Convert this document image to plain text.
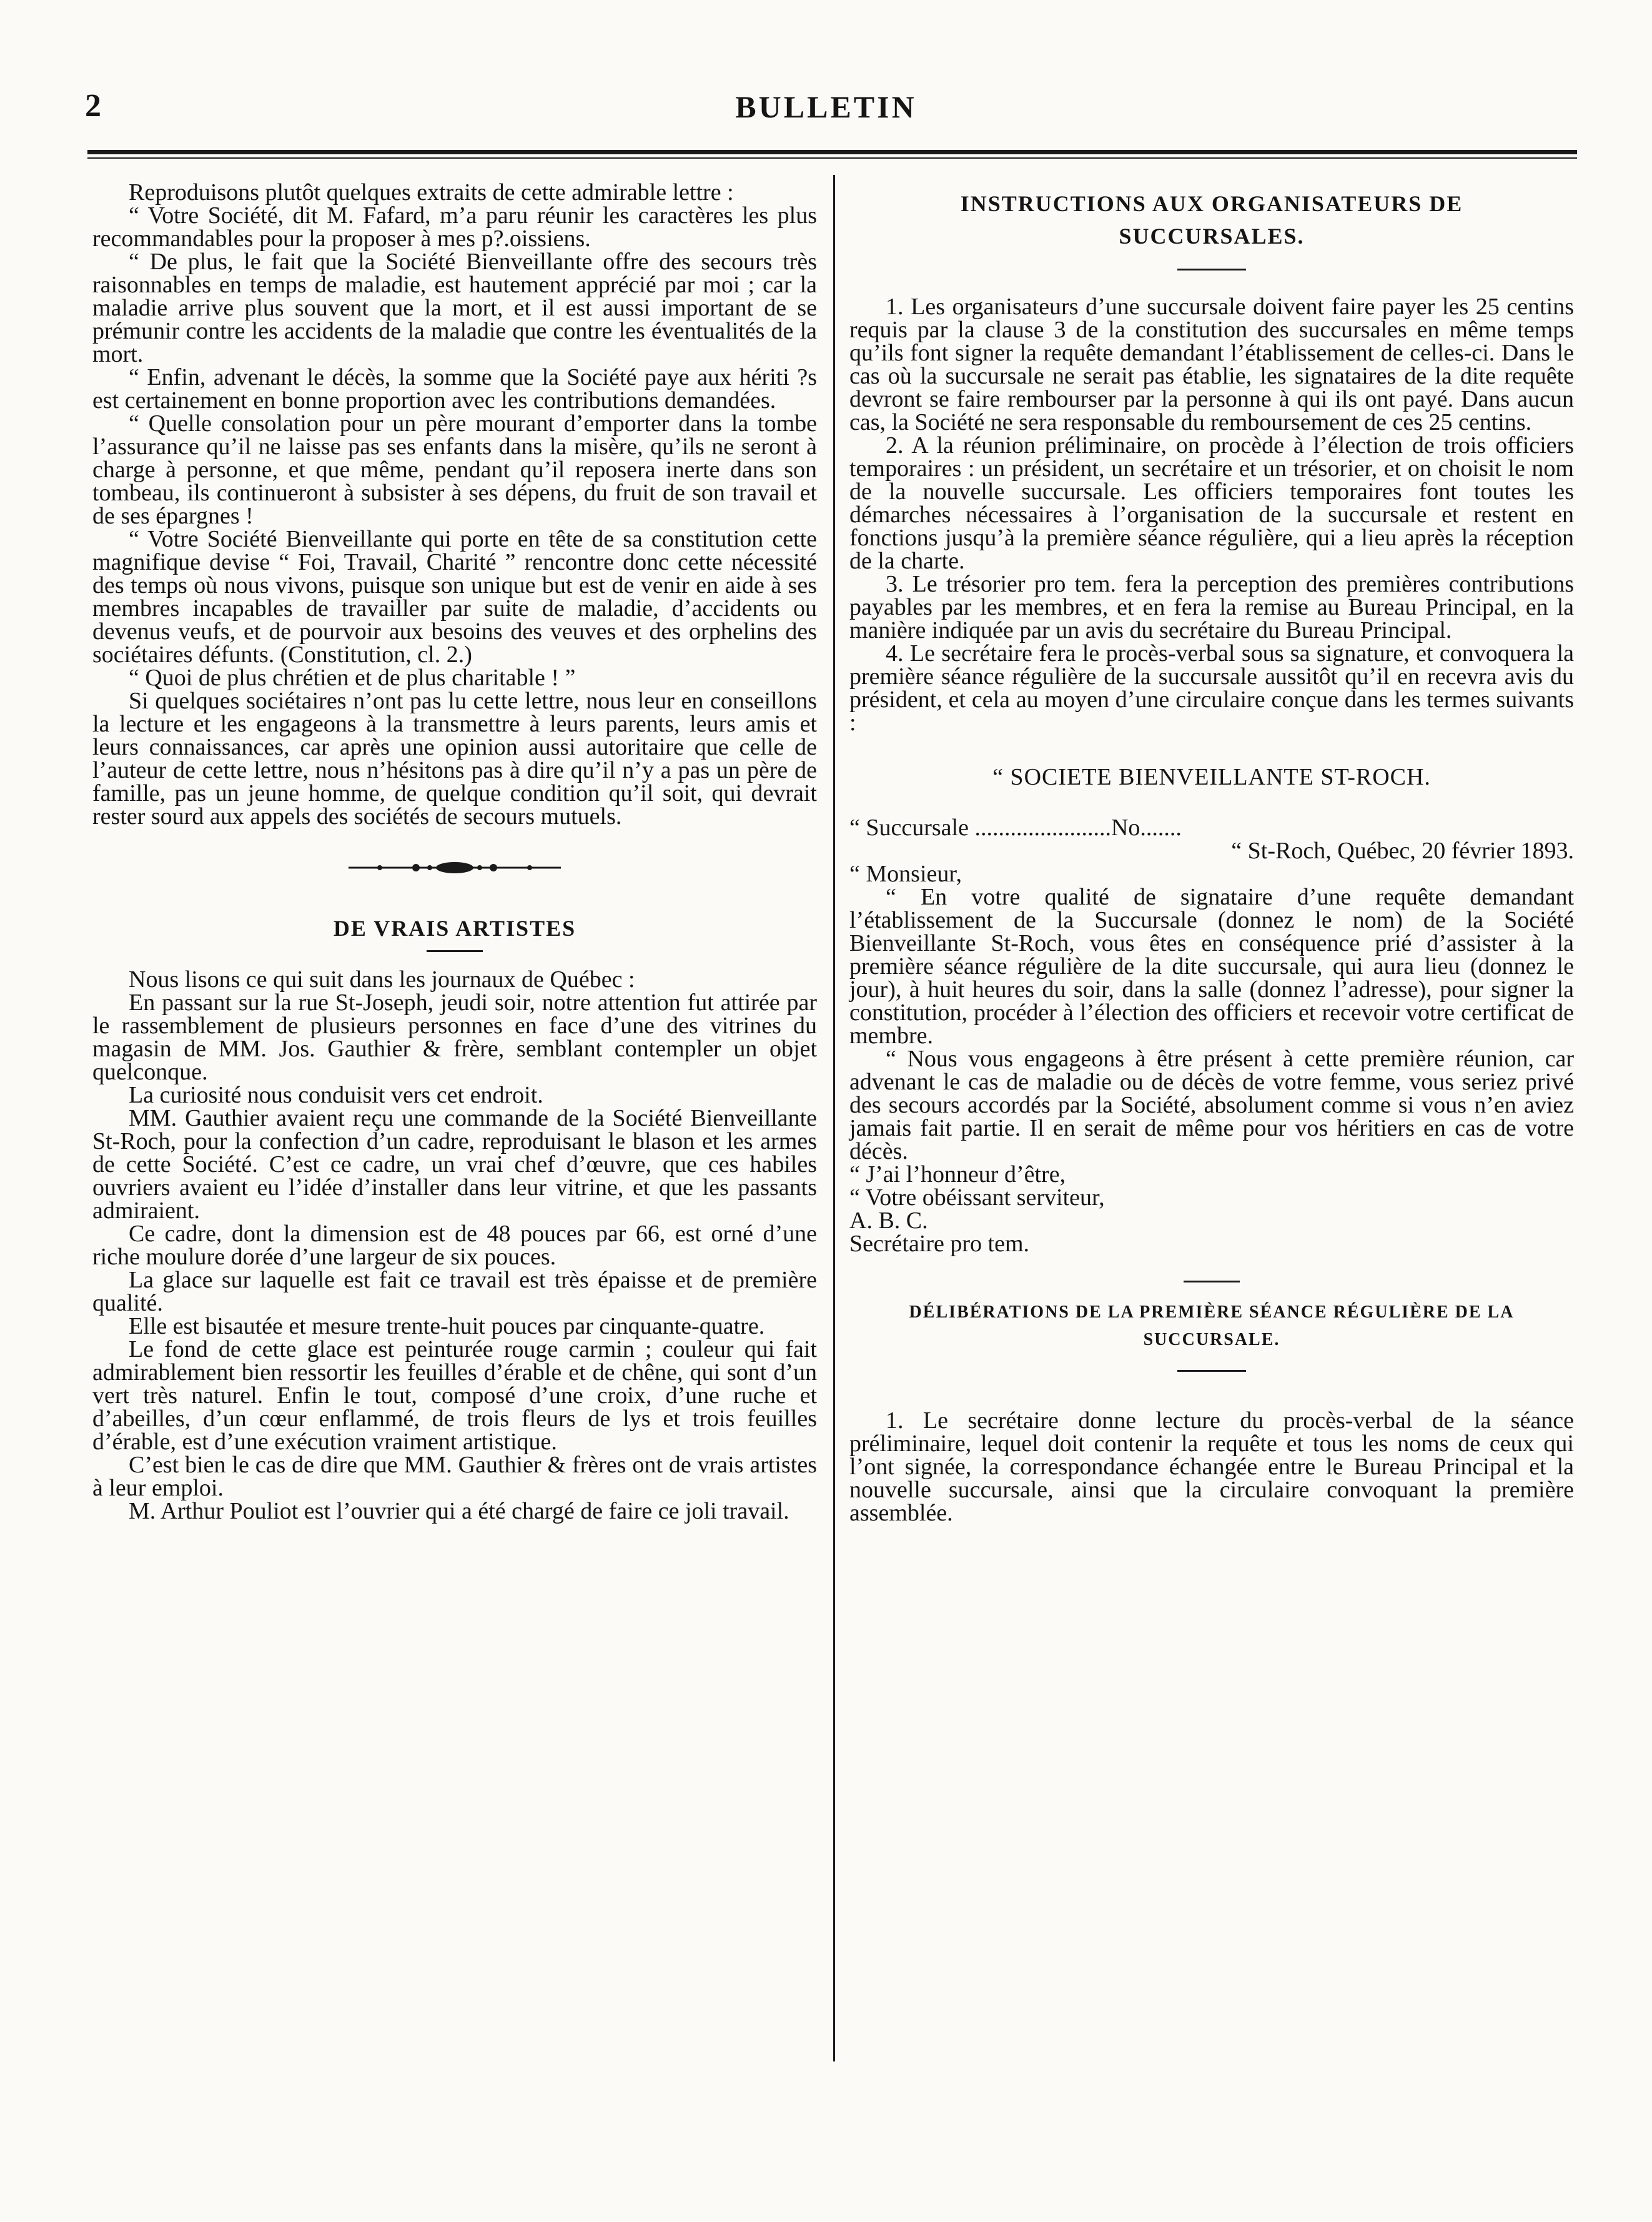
2	BULLETIN

Reproduisons plutôt quelques extraits de cette admirable lettre :

“ Votre Société, dit M. Fafard, m’a paru réunir les caractères les plus recommandables pour la proposer à mes p?.oissiens.

“ De plus, le fait que la Société Bienveillante offre des secours très raisonnables en temps de maladie, est hautement apprécié par moi ; car la maladie arrive plus souvent que la mort, et il est aussi important de se prémunir contre les accidents de la maladie que contre les éventualités de la mort.

“ Enfin, advenant le décès, la somme que la Société paye aux hériti ?s est certainement en bonne proportion avec les contributions demandées.

“ Quelle consolation pour un père mourant d’emporter dans la tombe l’assurance qu’il ne laisse pas ses enfants dans la misère, qu’ils ne seront à charge à personne, et que même, pendant qu’il reposera inerte dans son tombeau, ils continueront à subsister à ses dépens, du fruit de son travail et de ses épargnes !

“ Votre Société Bienveillante qui porte en tête de sa constitution cette magnifique devise “ Foi, Travail, Charité ” rencontre donc cette nécessité des temps où nous vivons, puisque son unique but est de venir en aide à ses membres incapables de travailler par suite de maladie, d’accidents ou devenus veufs, et de pourvoir aux besoins des veuves et des orphelins des sociétaires défunts. (Constitution, cl. 2.)

“ Quoi de plus chrétien et de plus charitable ! ”

Si quelques sociétaires n’ont pas lu cette lettre, nous leur en conseillons la lecture et les engageons à la transmettre à leurs parents, leurs amis et leurs connaissances, car après une opinion aussi autoritaire que celle de l’auteur de cette lettre, nous n’hésitons pas à dire qu’il n’y a pas un père de famille, pas un jeune homme, de quelque condition qu’il soit, qui devrait rester sourd aux appels des sociétés de secours mutuels.

DE VRAIS ARTISTES

Nous lisons ce qui suit dans les journaux de Québec :

En passant sur la rue St-Joseph, jeudi soir, notre attention fut attirée par le rassemblement de plusieurs personnes en face d’une des vitrines du magasin de MM. Jos. Gauthier & frère, semblant contempler un objet quelconque.

La curiosité nous conduisit vers cet endroit.

MM. Gauthier avaient reçu une commande de la Société Bienveillante St-Roch, pour la confection d’un cadre, reproduisant le blason et les armes de cette Société. C’est ce cadre, un vrai chef d’œuvre, que ces habiles ouvriers avaient eu l’idée d’installer dans leur vitrine, et que les passants admiraient.

Ce cadre, dont la dimension est de 48 pouces par 66, est orné d’une riche moulure dorée d’une largeur de six pouces.

La glace sur laquelle est fait ce travail est très épaisse et de première qualité.

Elle est bisautée et mesure trente-huit pouces par cinquante-quatre.

Le fond de cette glace est peinturée rouge carmin ; couleur qui fait admirablement bien ressortir les feuilles d’érable et de chêne, qui sont d’un vert très naturel. Enfin le tout, composé d’une croix, d’une ruche et d’abeilles, d’un cœur enflammé, de trois fleurs de lys et trois feuilles d’érable, est d’une exécution vraiment artistique.

C’est bien le cas de dire que MM. Gauthier & frères ont de vrais artistes à leur emploi.

M. Arthur Pouliot est l’ouvrier qui a été chargé de faire ce joli travail.

INSTRUCTIONS AUX ORGANISATEURS DE SUCCURSALES.

1. Les organisateurs d’une succursale doivent faire payer les 25 centins requis par la clause 3 de la constitution des succursales en même temps qu’ils font signer la requête demandant l’établissement de celles-ci. Dans le cas où la succursale ne serait pas établie, les signataires de la dite requête devront se faire rembourser par la personne à qui ils ont payé. Dans aucun cas, la Société ne sera responsable du remboursement de ces 25 centins.

2. A la réunion préliminaire, on procède à l’élection de trois officiers temporaires : un président, un secrétaire et un trésorier, et on choisit le nom de la nouvelle succursale. Les officiers temporaires font toutes les démarches nécessaires à l’organisation de la succursale et restent en fonctions jusqu’à la première séance régulière, qui a lieu après la réception de la charte.

3. Le trésorier pro tem. fera la perception des premières contributions payables par les membres, et en fera la remise au Bureau Principal, en la manière indiquée par un avis du secrétaire du Bureau Principal.

4. Le secrétaire fera le procès-verbal sous sa signature, et convoquera la première séance régulière de la succursale aussitôt qu’il en recevra avis du président, et cela au moyen d’une circulaire conçue dans les termes suivants :

“ SOCIETE BIENVEILLANTE ST-ROCH.

“ Succursale .......................No.......

“ St-Roch, Québec, 20 février 1893.

“ Monsieur,

“ En votre qualité de signataire d’une requête demandant l’établissement de la Succursale (donnez le nom) de la Société Bienveillante St-Roch, vous êtes en conséquence prié d’assister à la première séance régulière de la dite succursale, qui aura lieu (donnez le jour), à huit heures du soir, dans la salle (donnez l’adresse), pour signer la constitution, procéder à l’élection des officiers et recevoir votre certificat de membre.

“ Nous vous engageons à être présent à cette première réunion, car advenant le cas de maladie ou de décès de votre femme, vous seriez privé des secours accordés par la Société, absolument comme si vous n’en aviez jamais fait partie. Il en serait de même pour vos héritiers en cas de votre décès.

“ J’ai l’honneur d’être,

“ Votre obéissant serviteur,

A. B. C.

Secrétaire pro tem.

DÉLIBÉRATIONS DE LA PREMIÈRE SÉANCE RÉGULIÈRE DE LA SUCCURSALE.

1. Le secrétaire donne lecture du procès-verbal de la séance préliminaire, lequel doit contenir la requête et tous les noms de ceux qui l’ont signée, la correspondance échangée entre le Bureau Principal et la nouvelle succursale, ainsi que la circulaire convoquant la première assemblée.
